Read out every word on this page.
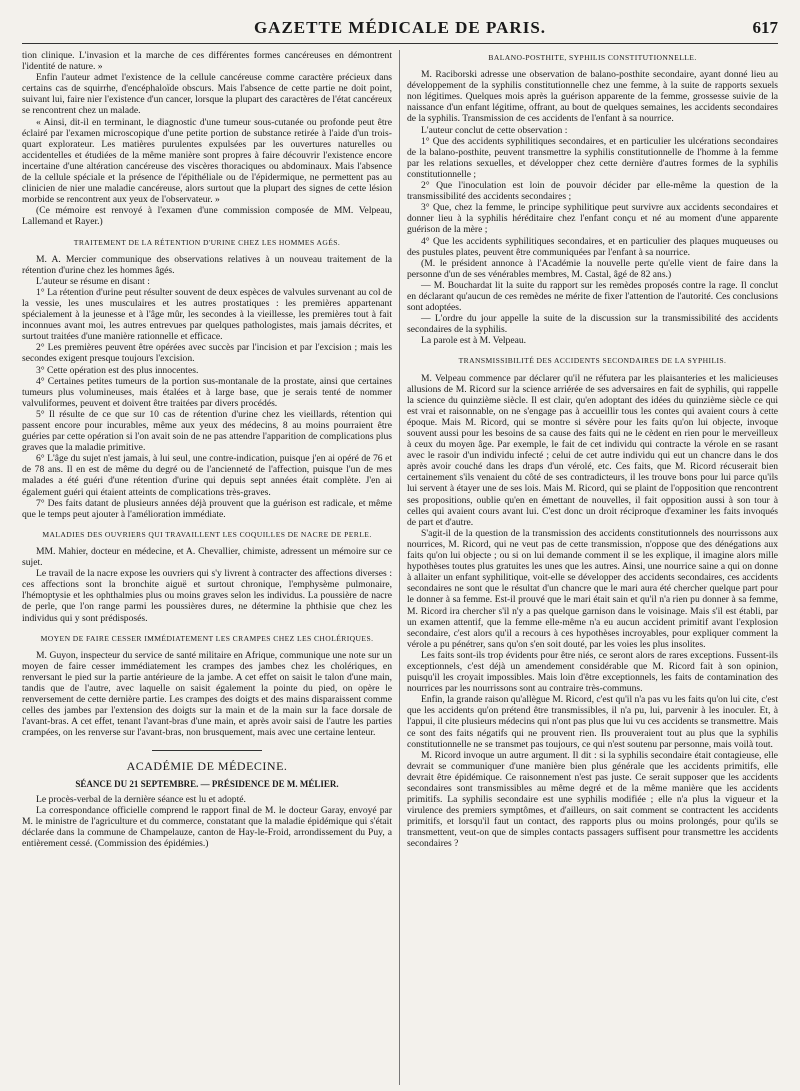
GAZETTE MÉDICALE DE PARIS.	617

tion clinique. L'invasion et la marche de ces différentes formes cancéreuses en démontrent l'identité de nature. »

Enfin l'auteur admet l'existence de la cellule cancéreuse comme caractère précieux dans certains cas de squirrhe, d'encéphaloïde obscurs. Mais l'absence de cette partie ne doit point, suivant lui, faire nier l'existence d'un cancer, lorsque la plupart des caractères de l'état cancéreux se rencontrent chez un malade.

« Ainsi, dit-il en terminant, le diagnostic d'une tumeur sous-cutanée ou profonde peut être éclairé par l'examen microscopique d'une petite portion de substance retirée à l'aide d'un trois-quart explorateur. Les matières purulentes expulsées par les ouvertures naturelles ou accidentelles et étudiées de la même manière sont propres à faire découvrir l'existence encore incertaine d'une altération cancéreuse des viscères thoraciques ou abdominaux. Mais l'absence de la cellule spéciale et la présence de l'épithéliale ou de l'épidermique, ne permettent pas au clinicien de nier une maladie cancéreuse, alors surtout que la plupart des signes de cette lésion morbide se rencontrent aux yeux de l'observateur. »

(Ce mémoire est renvoyé à l'examen d'une commission composée de MM. Velpeau, Lallemand et Rayer.)

TRAITEMENT DE LA RÉTENTION D'URINE CHEZ LES HOMMES AGÉS.

M. A. Mercier communique des observations relatives à un nouveau traitement de la rétention d'urine chez les hommes âgés.

L'auteur se résume en disant :

1° La rétention d'urine peut résulter souvent de deux espèces de valvules survenant au col de la vessie, les unes musculaires et les autres prostatiques : les premières appartenant spécialement à la jeunesse et à l'âge mûr, les secondes à la vieillesse, les premières tout à fait inconnues avant moi, les autres entrevues par quelques pathologistes, mais jamais décrites, et surtout traitées d'une manière rationnelle et efficace.

2° Les premières peuvent être opérées avec succès par l'incision et par l'excision ; mais les secondes exigent presque toujours l'excision.

3° Cette opération est des plus innocentes.

4° Certaines petites tumeurs de la portion sus-montanale de la prostate, ainsi que certaines tumeurs plus volumineuses, mais étalées et à large base, que je serais tenté de nommer valvuliformes, peuvent et doivent être traitées par divers procédés.

5° Il résulte de ce que sur 10 cas de rétention d'urine chez les vieillards, rétention qui passent encore pour incurables, même aux yeux des médecins, 8 au moins pourraient être guéries par cette opération si l'on avait soin de ne pas attendre l'apparition de complications plus graves que la maladie primitive.

6° L'âge du sujet n'est jamais, à lui seul, une contre-indication, puisque j'en ai opéré de 76 et de 78 ans. Il en est de même du degré ou de l'ancienneté de l'affection, puisque l'un de mes malades a été guéri d'une rétention d'urine qui depuis sept années était complète. J'en ai également guéri qui étaient atteints de complications très-graves.

7° Des faits datant de plusieurs années déjà prouvent que la guérison est radicale, et même que le temps peut ajouter à l'amélioration immédiate.

MALADIES DES OUVRIERS QUI TRAVAILLENT LES COQUILLES DE NACRE DE PERLE.

MM. Mahier, docteur en médecine, et A. Chevallier, chimiste, adressent un mémoire sur ce sujet.

Le travail de la nacre expose les ouvriers qui s'y livrent à contracter des affections diverses : ces affections sont la bronchite aiguë et surtout chronique, l'emphysème pulmonaire, l'hémoptysie et les ophthalmies plus ou moins graves selon les individus. La poussière de nacre de perle, que l'on range parmi les poussières dures, ne détermine la phthisie que chez les individus qui y sont prédisposés.

MOYEN DE FAIRE CESSER IMMÉDIATEMENT LES CRAMPES CHEZ LES CHOLÉRIQUES.

M. Guyon, inspecteur du service de santé militaire en Afrique, communique une note sur un moyen de faire cesser immédiatement les crampes des jambes chez les cholériques, en renversant le pied sur la partie antérieure de la jambe. A cet effet on saisit le talon d'une main, tandis que de l'autre, avec laquelle on saisit également la pointe du pied, on opère le renversement de cette dernière partie. Les crampes des doigts et des mains disparaissent comme celles des jambes par l'extension des doigts sur la main et de la main sur la face dorsale de l'avant-bras. A cet effet, tenant l'avant-bras d'une main, et après avoir saisi de l'autre les parties crampées, on les renverse sur l'avant-bras, non brusquement, mais avec une certaine lenteur.

ACADÉMIE DE MÉDECINE.
SÉANCE DU 21 SEPTEMBRE. — PRÉSIDENCE DE M. MÉLIER.

Le procès-verbal de la dernière séance est lu et adopté.

La correspondance officielle comprend le rapport final de M. le docteur Garay, envoyé par M. le ministre de l'agriculture et du commerce, constatant que la maladie épidémique qui s'était déclarée dans la commune de Champelauze, canton de Hay-le-Froid, arrondissement du Puy, a entièrement cessé. (Commission des épidémies.)

BALANO-POSTHITE, SYPHILIS CONSTITUTIONNELLE.

M. Raciborski adresse une observation de balano-posthite secondaire, ayant donné lieu au développement de la syphilis constitutionnelle chez une femme, à la suite de rapports sexuels non légitimes. Quelques mois après la guérison apparente de la femme, grossesse suivie de la naissance d'un enfant légitime, offrant, au bout de quelques semaines, les accidents secondaires de la syphilis. Transmission de ces accidents de l'enfant à sa nourrice.

L'auteur conclut de cette observation :

1° Que des accidents syphilitiques secondaires, et en particulier les ulcérations secondaires de la balano-posthite, peuvent transmettre la syphilis constitutionnelle de l'homme à la femme par les relations sexuelles, et développer chez cette dernière d'autres formes de la syphilis constitutionnelle ;

2° Que l'inoculation est loin de pouvoir décider par elle-même la question de la transmissibilité des accidents secondaires ;

3° Que, chez la femme, le principe syphilitique peut survivre aux accidents secondaires et donner lieu à la syphilis héréditaire chez l'enfant conçu et né au moment d'une apparente guérison de la mère ;

4° Que les accidents syphilitiques secondaires, et en particulier des plaques muqueuses ou des pustules plates, peuvent être communiquées par l'enfant à sa nourrice.

(M. le président annonce à l'Académie la nouvelle perte qu'elle vient de faire dans la personne d'un de ses vénérables membres, M. Castal, âgé de 82 ans.)

— M. Bouchardat lit la suite du rapport sur les remèdes proposés contre la rage. Il conclut en déclarant qu'aucun de ces remèdes ne mérite de fixer l'attention de l'autorité. Ces conclusions sont adoptées.

— L'ordre du jour appelle la suite de la discussion sur la transmissibilité des accidents secondaires de la syphilis.

La parole est à M. Velpeau.

TRANSMISSIBILITÉ DES ACCIDENTS SECONDAIRES DE LA SYPHILIS.

M. Velpeau commence par déclarer qu'il ne réfutera par les plaisanteries et les malicieuses allusions de M. Ricord sur la science arriérée de ses adversaires en fait de syphilis, qui rappelle la science du quinzième siècle. Il est clair, qu'en adoptant des idées du quinzième siècle ce qui est vrai et raisonnable, on ne s'engage pas à accueillir tous les contes qui avaient cours à cette époque. Mais M. Ricord, qui se montre si sévère pour les faits qu'on lui objecte, invoque souvent aussi pour les besoins de sa cause des faits qui ne le cèdent en rien pour le merveilleux à ceux du moyen âge. Par exemple, le fait de cet individu qui contracte la vérole en se rasant avec le rasoir d'un individu infecté ; celui de cet autre individu qui eut un chancre dans le dos après avoir couché dans les draps d'un vérolé, etc. Ces faits, que M. Ricord récuserait bien certainement s'ils venaient du côté de ses contradicteurs, il les trouve bons pour lui parce qu'ils lui servent à étayer une de ses lois. Mais M. Ricord, qui se plaint de l'opposition que rencontrent ses propositions, oublie qu'en en émettant de nouvelles, il fait opposition aussi à son tour à celles qui avaient cours avant lui. C'est donc un droit réciproque d'examiner les faits invoqués de part et d'autre.

S'agit-il de la question de la transmission des accidents constitutionnels des nourrissons aux nourrices, M. Ricord, qui ne veut pas de cette transmission, n'oppose que des dénégations aux faits qu'on lui objecte ; ou si on lui demande comment il se les explique, il imagine alors mille hypothèses toutes plus gratuites les unes que les autres. Ainsi, une nourrice saine a qui on donne à allaiter un enfant syphilitique, voit-elle se développer des accidents secondaires, ces accidents secondaires ne sont que le résultat d'un chancre que le mari aura été chercher quelque part pour le donner à sa femme. Est-il prouvé que le mari était sain et qu'il n'a rien pu donner à sa femme, M. Ricord ira chercher s'il n'y a pas quelque garnison dans le voisinage. Mais s'il est établi, par un examen attentif, que la femme elle-même n'a eu aucun accident primitif avant l'explosion secondaire, c'est alors qu'il a recours à ces hypothèses incroyables, pour expliquer comment la vérole a pu pénétrer, sans qu'on s'en soit douté, par les voies les plus insolites.

Les faits sont-ils trop évidents pour être niés, ce seront alors de rares exceptions. Fussent-ils exceptionnels, c'est déjà un amendement considérable que M. Ricord fait à son opinion, puisqu'il les croyait impossibles. Mais loin d'être exceptionnels, les faits de contamination des nourrices par les nourrissons sont au contraire très-communs.

Enfin, la grande raison qu'allègue M. Ricord, c'est qu'il n'a pas vu les faits qu'on lui cite, c'est que les accidents qu'on prétend être transmissibles, il n'a pu, lui, parvenir à les inoculer. Et, à l'appui, il cite plusieurs médecins qui n'ont pas plus que lui vu ces accidents se transmettre. Mais ce sont des faits négatifs qui ne prouvent rien. Ils prouveraient tout au plus que la syphilis constitutionnelle ne se transmet pas toujours, ce qui n'est soutenu par personne, mais voilà tout.

M. Ricord invoque un autre argument. Il dit : si la syphilis secondaire était contagieuse, elle devrait se communiquer d'une manière bien plus générale que les accidents primitifs, elle devrait être épidémique. Ce raisonnement n'est pas juste. Ce serait supposer que les accidents secondaires sont transmissibles au même degré et de la même manière que les accidents primitifs. La syphilis secondaire est une syphilis modifiée ; elle n'a plus la vigueur et la virulence des premiers symptômes, et d'ailleurs, on sait comment se contractent les accidents primitifs, et lorsqu'il faut un contact, des rapports plus ou moins prolongés, pour qu'ils se transmettent, veut-on que de simples contacts passagers suffisent pour transmettre les accidents secondaires ?
